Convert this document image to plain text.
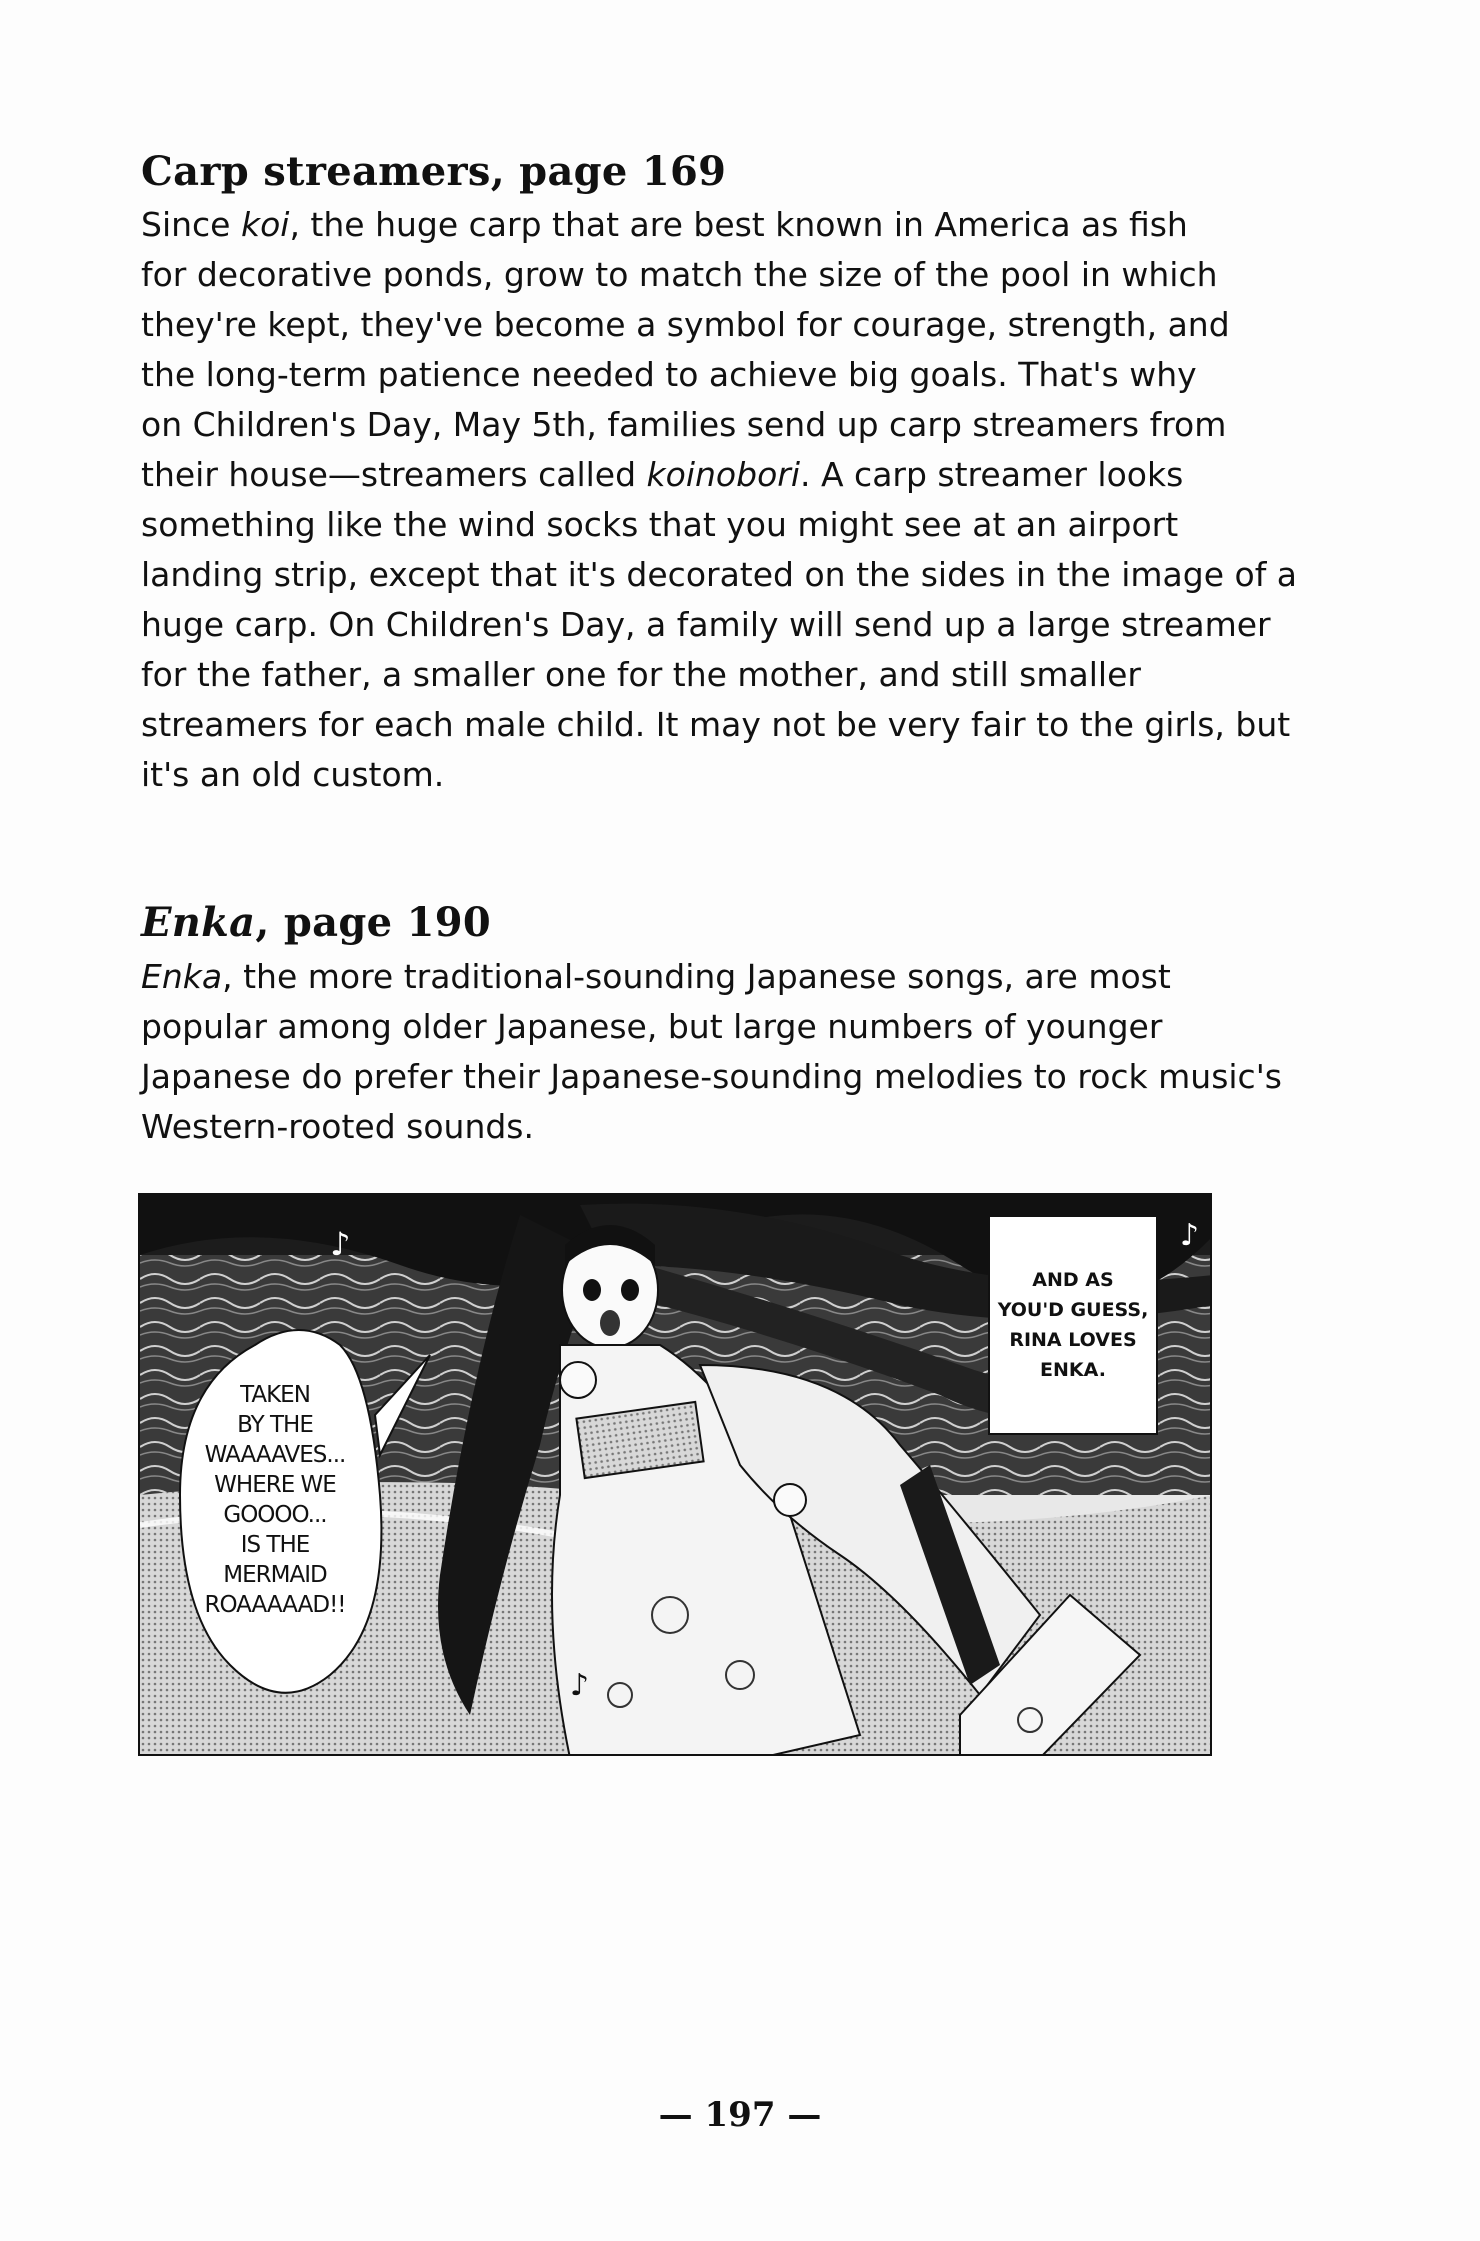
Carp streamers, page 169
Since koi, the huge carp that are best known in America as fish
for decorative ponds, grow to match the size of the pool in which
they're kept, they've become a symbol for courage, strength, and
the long-term patience needed to achieve big goals. That's why
on Children's Day, May 5th, families send up carp streamers from
their house—streamers called koinobori. A carp streamer looks
something like the wind socks that you might see at an airport
landing strip, except that it's decorated on the sides in the image of a
huge carp. On Children's Day, a family will send up a large streamer
for the father, a smaller one for the mother, and still smaller
streamers for each male child. It may not be very fair to the girls, but
it's an old custom.
Enka, page 190
Enka, the more traditional-sounding Japanese songs, are most
popular among older Japanese, but large numbers of younger
Japanese do prefer their Japanese-sounding melodies to rock music's
Western-rooted sounds.
♪	♪
♪
TAKEN
BY THE
WAAAAVES...
WHERE WE
GOOOO...
IS THE
MERMAID
ROAAAAAD!!
AND AS
YOU'D GUESS,
RINA LOVES
ENKA.
— 197 —
